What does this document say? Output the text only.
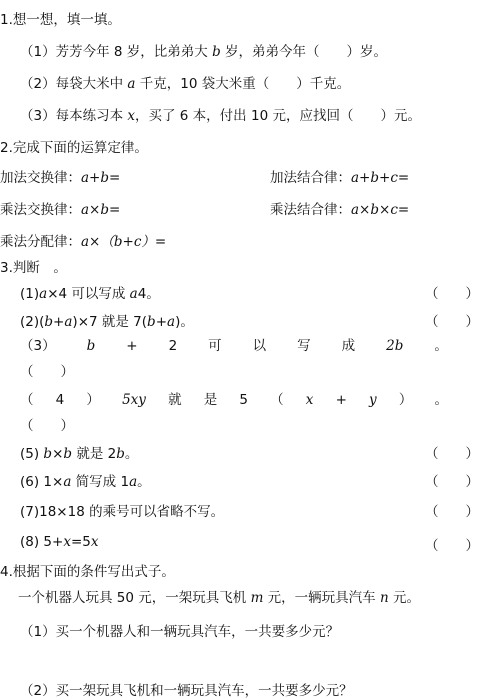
1.想一想，填一填。
（1）芳芳今年 8 岁，比弟弟大 b 岁，弟弟今年（　　）岁。
（2）每袋大米中 a 千克，10 袋大米重（　　）千克。
（3）每本练习本 x，买了 6 本，付出 10 元，应找回（　　）元。
2.完成下面的运算定律。
加法交换律：a+b=	加法结合律：a+b+c=
乘法交换律：a×b=	乘法结合律：a×b×c=
乘法分配律：a×（b+c）=
3.判断　。
(1)a×4 可以写成 a4。	（　　）
(2)(b+a)×7 就是 7(b+a)。	（　　）
（3） b + 2 可 以 写 成 2b 。
（　　）
（ 4 ） 5xy 就 是 5 （ x + y ） 。
（　　）
(5) b×b 就是 2b。	（　　）
(6) 1×a 简写成 1a。	（　　）
(7)18×18 的乘号可以省略不写。	（　　）
(8) 5+x=5x	（　　）
4.根据下面的条件写出式子。
一个机器人玩具 50 元，一架玩具飞机 m 元，一辆玩具汽车 n 元。
（1）买一个机器人和一辆玩具汽车，一共要多少元？
（2）买一架玩具飞机和一辆玩具汽车，一共要多少元？
